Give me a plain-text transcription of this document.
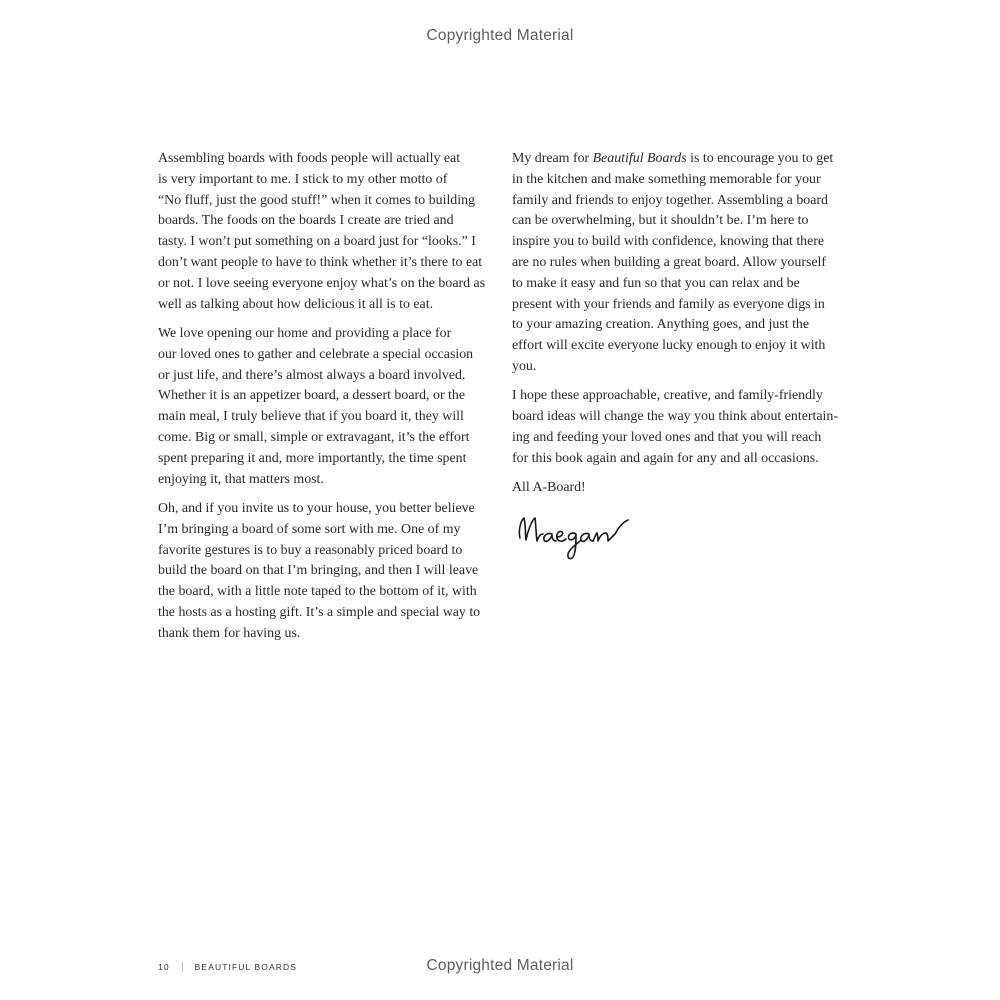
Copyrighted Material

Assembling boards with foods people will actually eat
is very important to me. I stick to my other motto of
“No fluff, just the good stuff!” when it comes to building
boards. The foods on the boards I create are tried and
tasty. I won’t put something on a board just for “looks.” I
don’t want people to have to think whether it’s there to eat
or not. I love seeing everyone enjoy what’s on the board as
well as talking about how delicious it all is to eat.

We love opening our home and providing a place for
our loved ones to gather and celebrate a special occasion
or just life, and there’s almost always a board involved.
Whether it is an appetizer board, a dessert board, or the
main meal, I truly believe that if you board it, they will
come. Big or small, simple or extravagant, it’s the effort
spent preparing it and, more importantly, the time spent
enjoying it, that matters most.

Oh, and if you invite us to your house, you better believe
I’m bringing a board of some sort with me. One of my
favorite gestures is to buy a reasonably priced board to
build the board on that I’m bringing, and then I will leave
the board, with a little note taped to the bottom of it, with
the hosts as a hosting gift. It’s a simple and special way to
thank them for having us.

My dream for Beautiful Boards is to encourage you to get
in the kitchen and make something memorable for your
family and friends to enjoy together. Assembling a board
can be overwhelming, but it shouldn’t be. I’m here to
inspire you to build with confidence, knowing that there
are no rules when building a great board. Allow yourself
to make it easy and fun so that you can relax and be
present with your friends and family as everyone digs in
to your amazing creation. Anything goes, and just the
effort will excite everyone lucky enough to enjoy it with
you.

I hope these approachable, creative, and family-friendly
board ideas will change the way you think about entertain-
ing and feeding your loved ones and that you will reach
for this book again and again for any and all occasions.

All A-Board!

Copyrighted Material
10	BEAUTIFUL BOARDS
